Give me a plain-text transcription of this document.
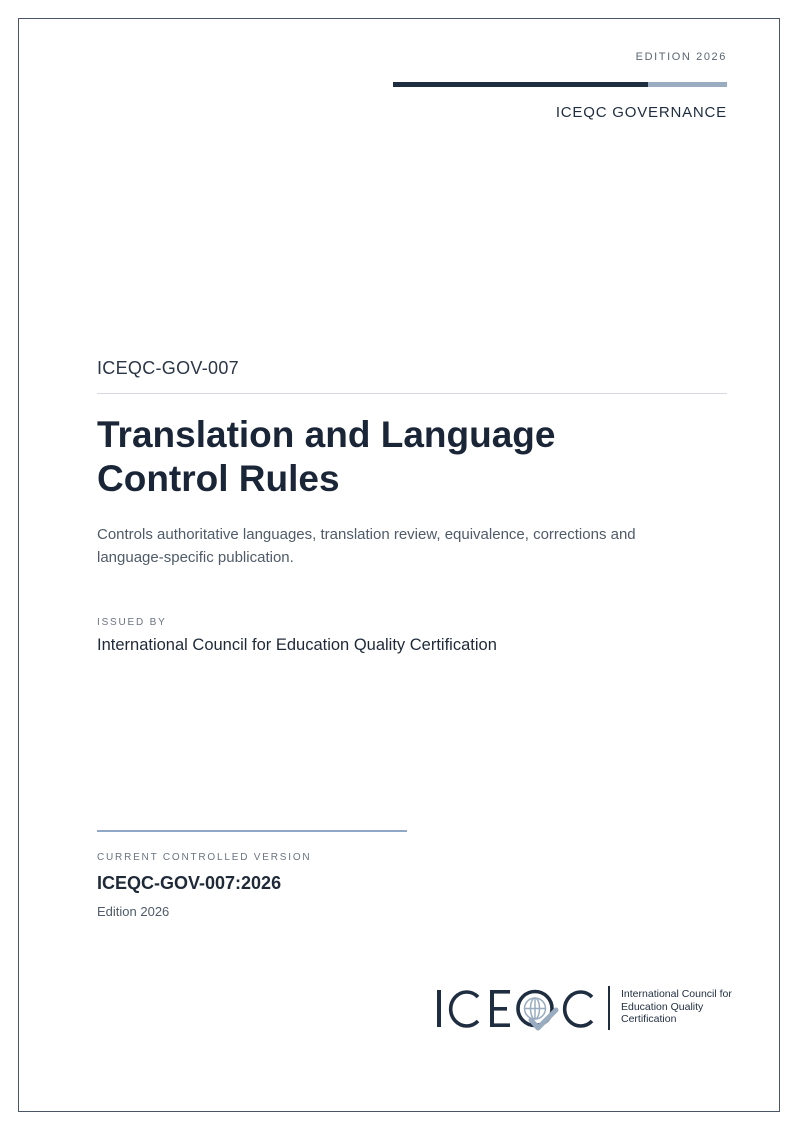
EDITION 2026
ICEQC GOVERNANCE
ICEQC-GOV-007
Translation and Language
Control Rules
Controls authoritative languages, translation review, equivalence, corrections and language-specific publication.
ISSUED BY
International Council for Education Quality Certification
CURRENT CONTROLLED VERSION
ICEQC-GOV-007:2026
Edition 2026
International Council for
Education Quality
Certification
